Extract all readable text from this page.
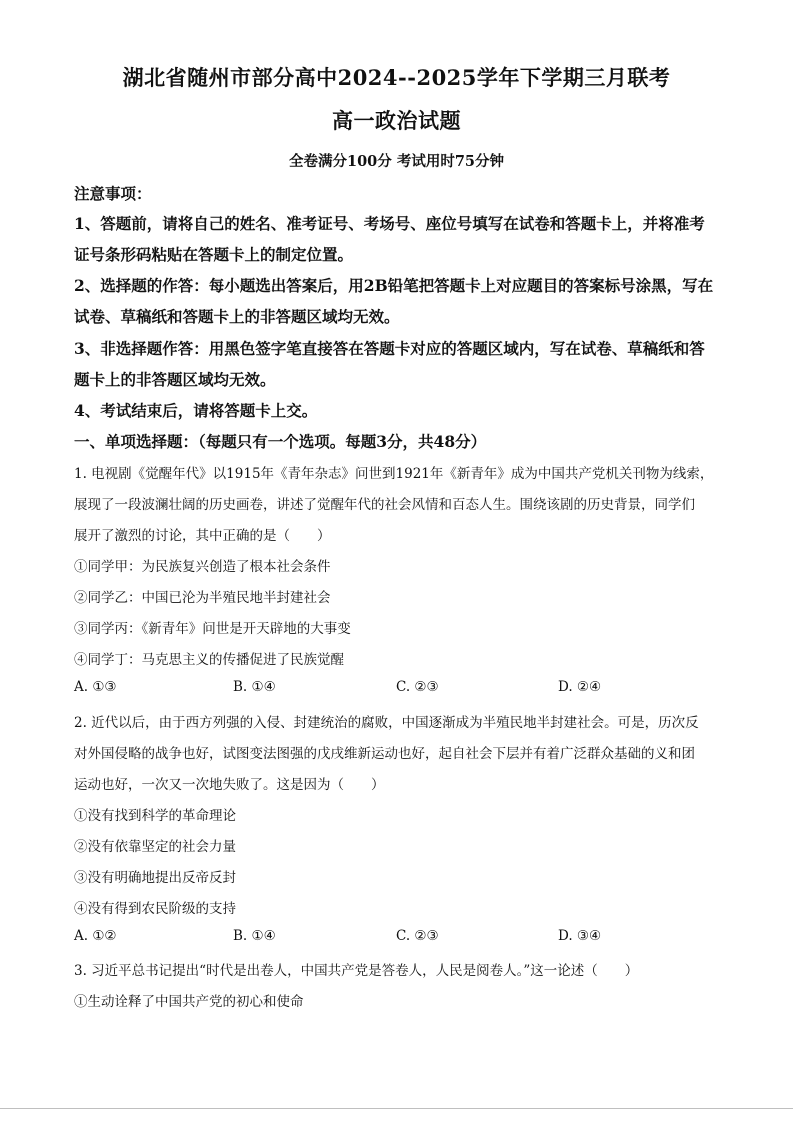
湖北省随州市部分高中2024--2025学年下学期三月联考
高一政治试题
全卷满分100分 考试用时75分钟
注意事项：
1、答题前，请将自己的姓名、准考证号、考场号、座位号填写在试卷和答题卡上，并将准考
证号条形码粘贴在答题卡上的制定位置。
2、选择题的作答：每小题选出答案后，用2B铅笔把答题卡上对应题目的答案标号涂黑，写在
试卷、草稿纸和答题卡上的非答题区域均无效。
3、非选择题作答：用黑色签字笔直接答在答题卡对应的答题区域内，写在试卷、草稿纸和答
题卡上的非答题区域均无效。
4、考试结束后，请将答题卡上交。
一、单项选择题：（每题只有一个选项。每题3分，共48分）
1. 电视剧《觉醒年代》以1915年《青年杂志》问世到1921年《新青年》成为中国共产党机关刊物为线索，
展现了一段波澜壮阔的历史画卷，讲述了觉醒年代的社会风情和百态人生。围绕该剧的历史背景，同学们
展开了激烈的讨论，其中正确的是（　　）
①同学甲：为民族复兴创造了根本社会条件
②同学乙：中国已沦为半殖民地半封建社会
③同学丙：《新青年》问世是开天辟地的大事变
④同学丁：马克思主义的传播促进了民族觉醒
A. ①③	B. ①④	C. ②③	D. ②④
2. 近代以后，由于西方列强的入侵、封建统治的腐败，中国逐渐成为半殖民地半封建社会。可是，历次反
对外国侵略的战争也好，试图变法图强的戊戌维新运动也好，起自社会下层并有着广泛群众基础的义和团
运动也好，一次又一次地失败了。这是因为（　　）
①没有找到科学的革命理论
②没有依靠坚定的社会力量
③没有明确地提出反帝反封
④没有得到农民阶级的支持
A. ①②	B. ①④	C. ②③	D. ③④
3. 习近平总书记提出“时代是出卷人，中国共产党是答卷人，人民是阅卷人。”这一论述（　　）
①生动诠释了中国共产党的初心和使命
